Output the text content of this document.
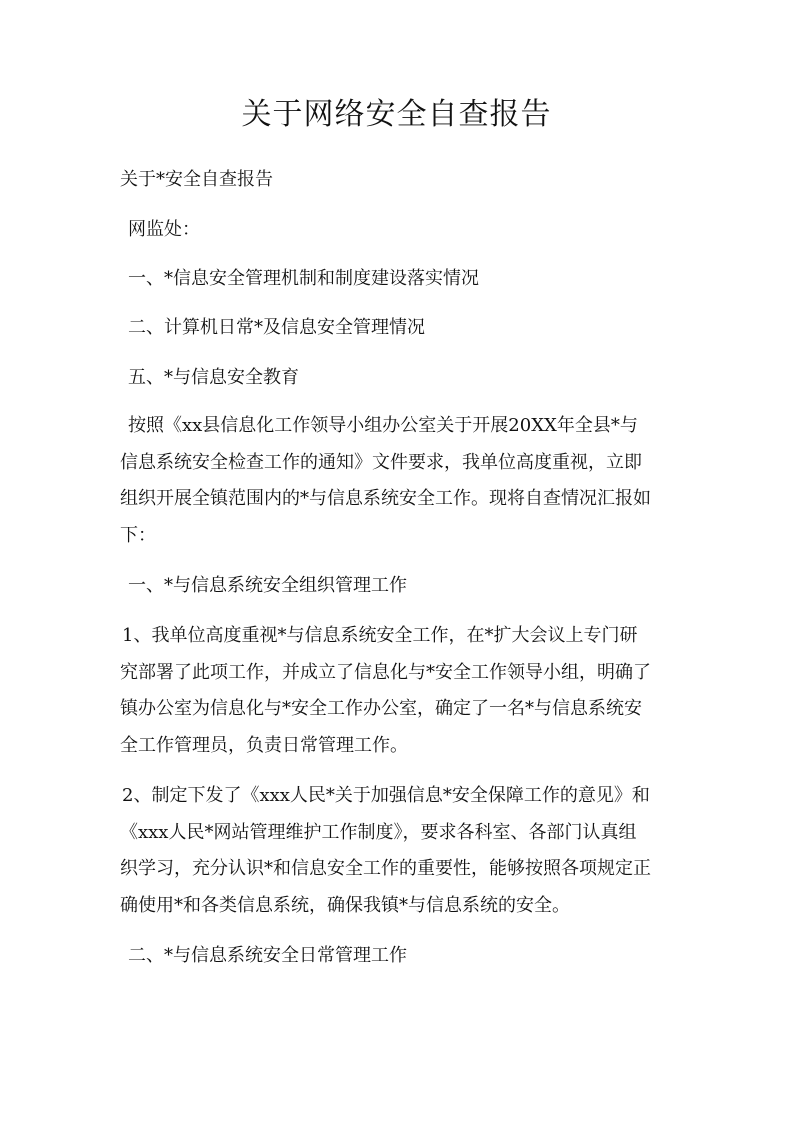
关于网络安全自查报告

关于*安全自查报告

网监处：

一、*信息安全管理机制和制度建设落实情况

二、计算机日常*及信息安全管理情况

五、*与信息安全教育

按照《xx县信息化工作领导小组办公室关于开展20XX年全县*与
信息系统安全检查工作的通知》文件要求，我单位高度重视，立即
组织开展全镇范围内的*与信息系统安全工作。现将自查情况汇报如
下：

一、*与信息系统安全组织管理工作

1、我单位高度重视*与信息系统安全工作，在*扩大会议上专门研
究部署了此项工作，并成立了信息化与*安全工作领导小组，明确了
镇办公室为信息化与*安全工作办公室，确定了一名*与信息系统安
全工作管理员，负责日常管理工作。

2、制定下发了《xxx人民*关于加强信息*安全保障工作的意见》和
《xxx人民*网站管理维护工作制度》，要求各科室、各部门认真组
织学习，充分认识*和信息安全工作的重要性，能够按照各项规定正
确使用*和各类信息系统，确保我镇*与信息系统的安全。

二、*与信息系统安全日常管理工作
